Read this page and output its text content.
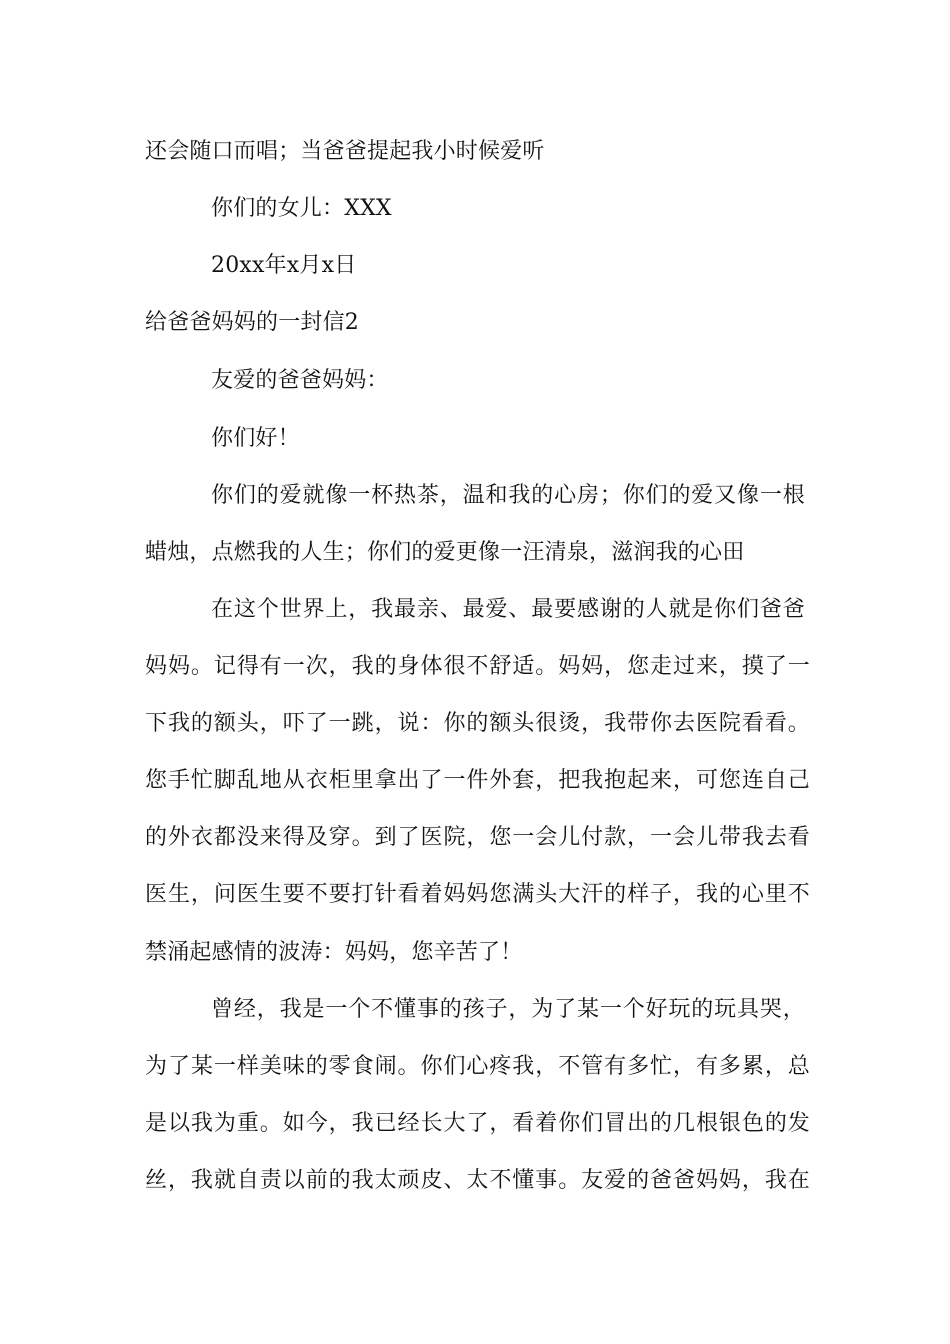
还会随口而唱；当爸爸提起我小时候爱听
你们的女儿：XXX
20xx年x月x日
给爸爸妈妈的一封信2
友爱的爸爸妈妈：
你们好！
你们的爱就像一杯热茶，温和我的心房；你们的爱又像一根
蜡烛，点燃我的人生；你们的爱更像一汪清泉，滋润我的心田
在这个世界上，我最亲、最爱、最要感谢的人就是你们爸爸
妈妈。记得有一次，我的身体很不舒适。妈妈，您走过来，摸了一
下我的额头，吓了一跳，说：你的额头很烫，我带你去医院看看。
您手忙脚乱地从衣柜里拿出了一件外套，把我抱起来，可您连自己
的外衣都没来得及穿。到了医院，您一会儿付款，一会儿带我去看
医生，问医生要不要打针看着妈妈您满头大汗的样子，我的心里不
禁涌起感情的波涛：妈妈，您辛苦了！
曾经，我是一个不懂事的孩子，为了某一个好玩的玩具哭，
为了某一样美味的零食闹。你们心疼我，不管有多忙，有多累，总
是以我为重。如今，我已经长大了，看着你们冒出的几根银色的发
丝，我就自责以前的我太顽皮、太不懂事。友爱的爸爸妈妈，我在
